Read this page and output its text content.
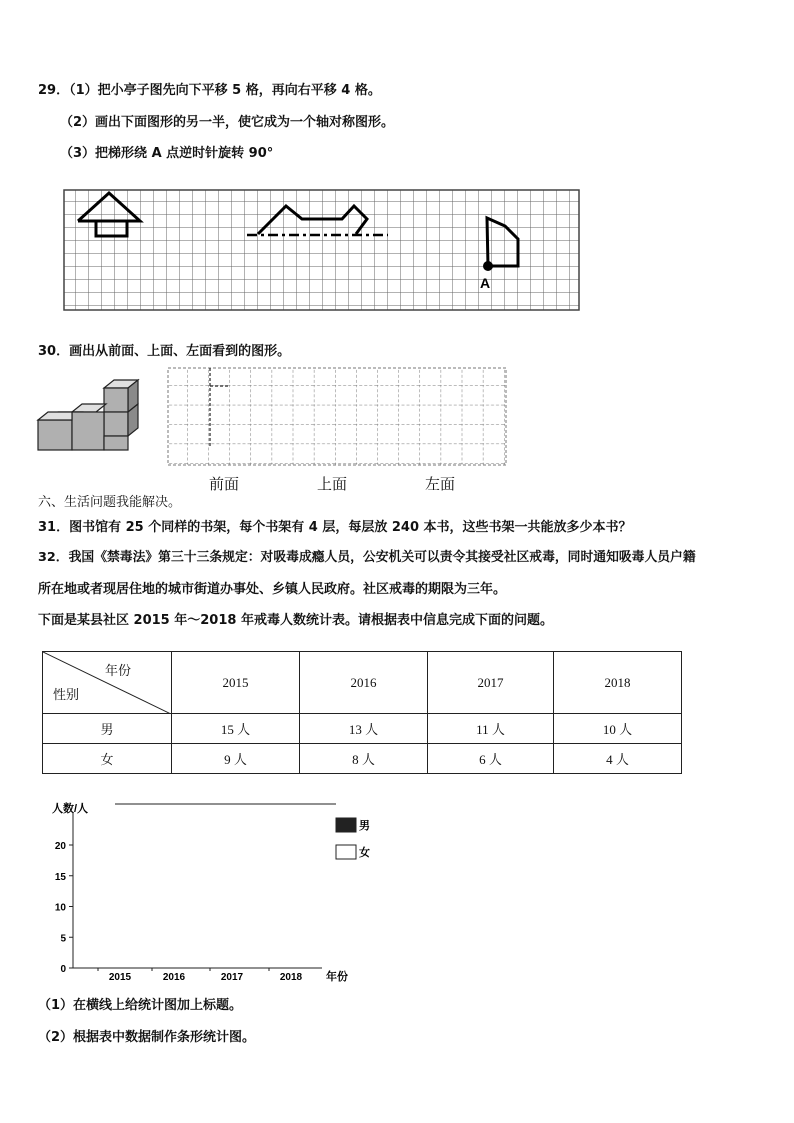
29．（1）把小亭子图先向下平移 5 格，再向右平移 4 格。
（2）画出下面图形的另一半，使它成为一个轴对称图形。
（3）把梯形绕 A 点逆时针旋转 90°
A
30．画出从前面、上面、左面看到的图形。
前面	上面	左面
六、生活问题我能解决。
31．图书馆有 25 个同样的书架，每个书架有 4 层，每层放 240 本书，这些书架一共能放多少本书？
32．我国《禁毒法》第三十三条规定：对吸毒成瘾人员，公安机关可以责令其接受社区戒毒，同时通知吸毒人员户籍
所在地或者现居住地的城市街道办事处、乡镇人民政府。社区戒毒的期限为三年。
下面是某县社区 2015 年～2018 年戒毒人数统计表。请根据表中信息完成下面的问题。
年份
性别	2015	2016	2017	2018
男	15 人	13 人	11 人	10 人
女	9 人	8 人	6 人	4 人
人数/人
年份
0
5
10
15
20
2015	2016	2017	2018
男
女
（1）在横线上给统计图加上标题。
（2）根据表中数据制作条形统计图。
